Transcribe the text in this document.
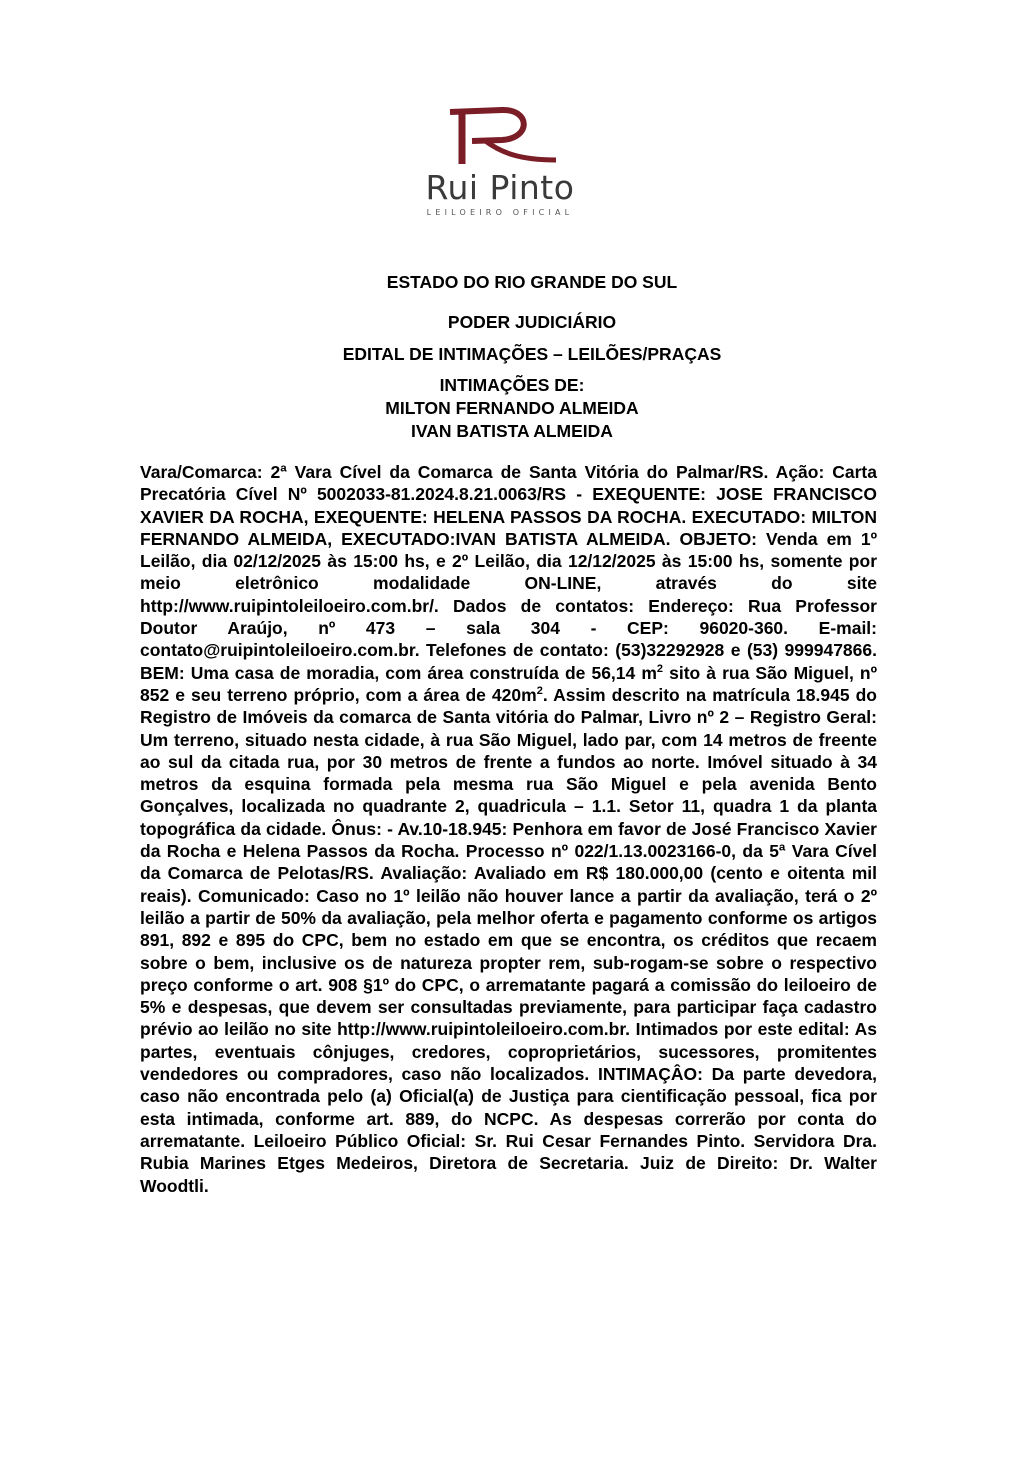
Rui Pinto
LEILOEIRO OFICIAL
ESTADO DO RIO GRANDE DO SUL
PODER JUDICIÁRIO
EDITAL DE INTIMAÇÕES – LEILÕES/PRAÇAS
INTIMAÇÕES DE:
MILTON FERNANDO ALMEIDA
IVAN BATISTA ALMEIDA
Vara/Comarca: 2ª Vara Cível da Comarca de Santa Vitória do Palmar/RS. Ação: Carta Precatória Cível Nº 5002033-81.2024.8.21.0063/RS - EXEQUENTE: JOSE FRANCISCO XAVIER DA ROCHA, EXEQUENTE: HELENA PASSOS DA ROCHA. EXECUTADO: MILTON FERNANDO ALMEIDA, EXECUTADO:IVAN BATISTA ALMEIDA. OBJETO: Venda em 1º Leilão, dia 02/12/2025 às 15:00 hs, e 2º Leilão, dia 12/12/2025 às 15:00 hs, somente por meio eletrônico modalidade ON-LINE, através do site http://www.ruipintoleiloeiro.com.br/. Dados de contatos: Endereço: Rua Professor Doutor Araújo, nº 473 – sala 304 - CEP: 96020-360. E-mail: contato@ruipintoleiloeiro.com.br. Telefones de contato: (53)32292928 e (53) 999947866. BEM: Uma casa de moradia, com área construída de 56,14 $m^2$ sito à rua São Miguel, nº 852 e seu terreno próprio, com a área de $420m^2$. Assim descrito na matrícula 18.945 do Registro de Imóveis da comarca de Santa vitória do Palmar, Livro nº 2 – Registro Geral: Um terreno, situado nesta cidade, à rua São Miguel, lado par, com 14 metros de freente ao sul da citada rua, por 30 metros de frente a fundos ao norte. Imóvel situado à 34 metros da esquina formada pela mesma rua São Miguel e pela avenida Bento Gonçalves, localizada no quadrante 2, quadricula – 1.1. Setor 11, quadra 1 da planta topográfica da cidade. Ônus: - Av.10-18.945: Penhora em favor de José Francisco Xavier da Rocha e Helena Passos da Rocha. Processo nº 022/1.13.0023166-0, da 5ª Vara Cível da Comarca de Pelotas/RS. Avaliação: Avaliado em R$ 180.000,00 (cento e oitenta mil reais). Comunicado: Caso no 1º leilão não houver lance a partir da avaliação, terá o 2º leilão a partir de 50% da avaliação, pela melhor oferta e pagamento conforme os artigos 891, 892 e 895 do CPC, bem no estado em que se encontra, os créditos que recaem sobre o bem, inclusive os de natureza propter rem, sub-rogam-se sobre o respectivo preço conforme o art. 908 §1º do CPC, o arrematante pagará a comissão do leiloeiro de 5% e despesas, que devem ser consultadas previamente, para participar faça cadastro prévio ao leilão no site http://www.ruipintoleiloeiro.com.br. Intimados por este edital: As partes, eventuais cônjuges, credores, coproprietários, sucessores, promitentes vendedores ou compradores, caso não localizados. INTIMAÇÂO: Da parte devedora, caso não encontrada pelo (a) Oficial(a) de Justiça para cientificação pessoal, fica por esta intimada, conforme art. 889, do NCPC. As despesas correrão por conta do arrematante. Leiloeiro Público Oficial: Sr. Rui Cesar Fernandes Pinto. Servidora Dra. Rubia Marines Etges Medeiros, Diretora de Secretaria. Juiz de Direito: Dr. Walter Woodtli.
